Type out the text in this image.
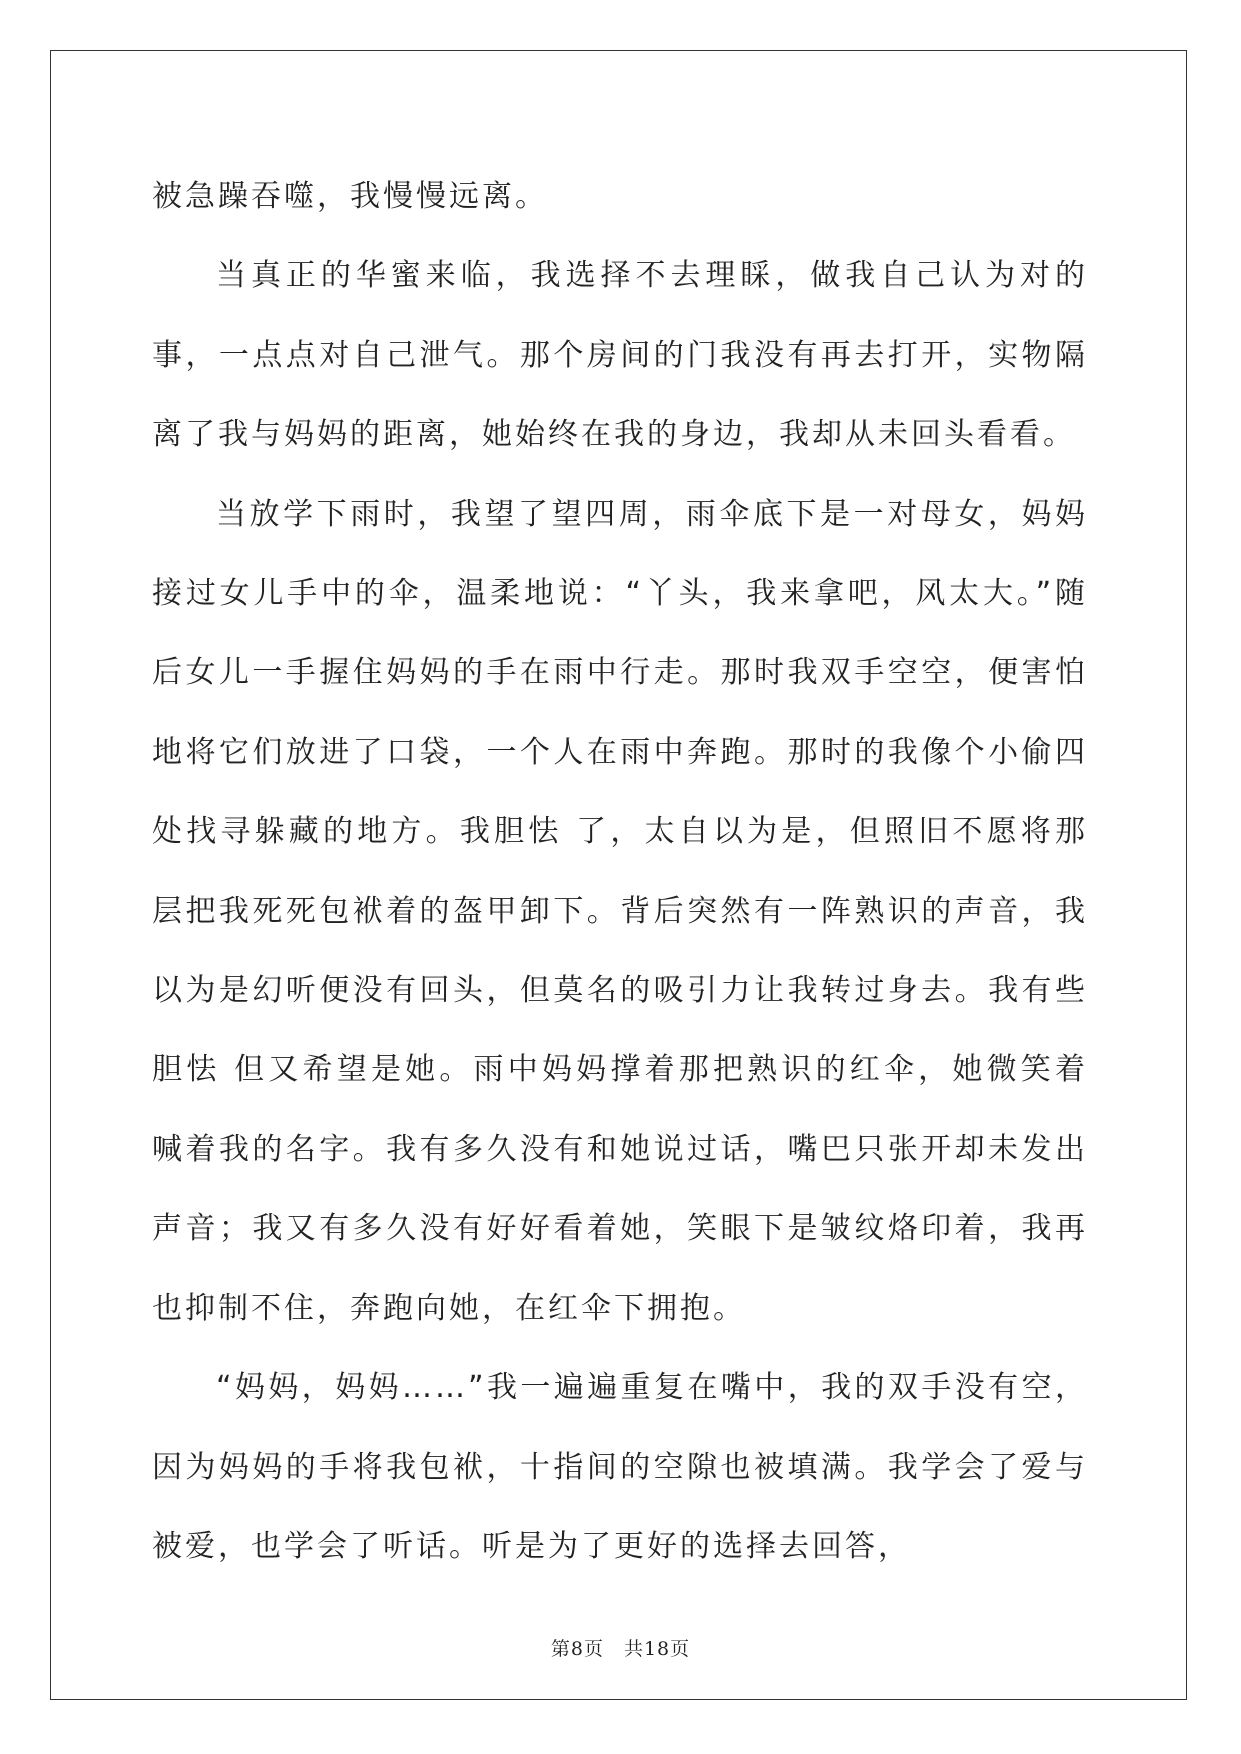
被急躁吞噬，我慢慢远离。

当真正的华蜜来临，我选择不去理睬，做我自己认为对的事，一点点对自己泄气。那个房间的门我没有再去打开，实物隔离了我与妈妈的距离，她始终在我的身边，我却从未回头看看。

当放学下雨时，我望了望四周，雨伞底下是一对母女，妈妈接过女儿手中的伞，温柔地说：“丫头，我来拿吧，风太大。”随后女儿一手握住妈妈的手在雨中行走。那时我双手空空，便害怕地将它们放进了口袋，一个人在雨中奔跑。那时的我像个小偷四处找寻躲藏的地方。我胆怯 了，太自以为是，但照旧不愿将那层把我死死包袱着的盔甲卸下。背后突然有一阵熟识的声音，我以为是幻听便没有回头，但莫名的吸引力让我转过身去。我有些胆怯 但又希望是她。雨中妈妈撑着那把熟识的红伞，她微笑着喊着我的名字。我有多久没有和她说过话，嘴巴只张开却未发出声音；我又有多久没有好好看着她，笑眼下是皱纹烙印着，我再也抑制不住，奔跑向她，在红伞下拥抱。

“妈妈，妈妈……”我一遍遍重复在嘴中，我的双手没有空，因为妈妈的手将我包袱，十指间的空隙也被填满。我学会了爱与被爱，也学会了听话。听是为了更好的选择去回答，

第8页　共18页
